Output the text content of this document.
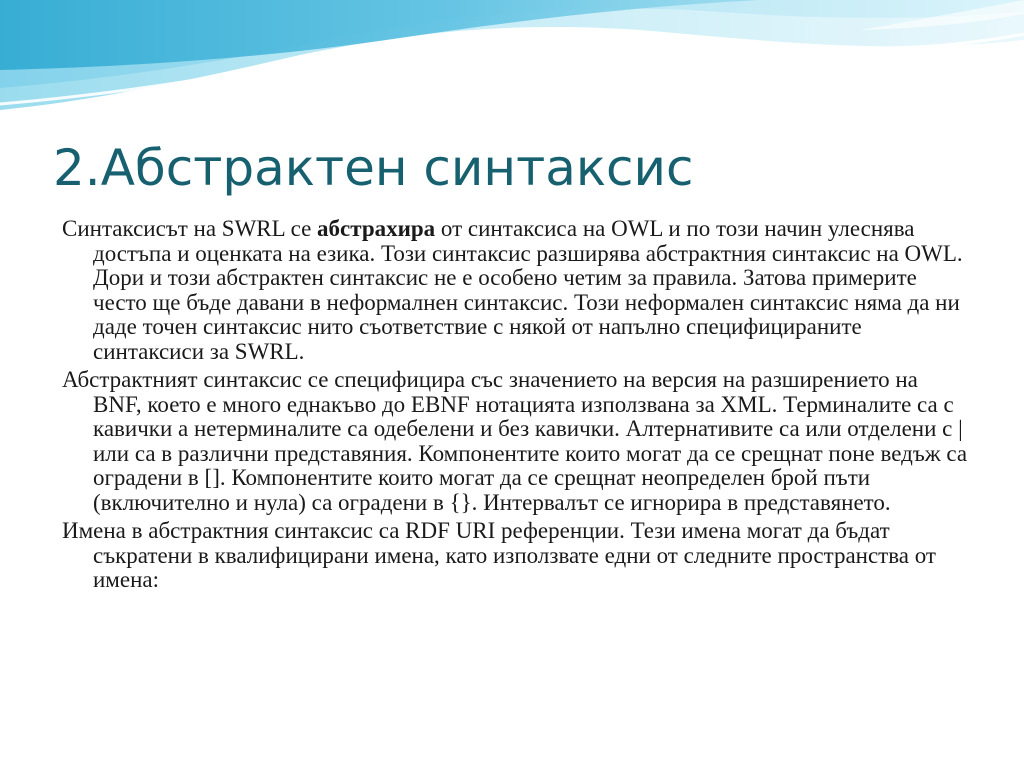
2.Абстрактен синтаксис

Синтаксисът на SWRL се абстрахира от синтаксиса на OWL и по този начин улеснява достъпа и оценката на езика. Този синтаксис разширява абстрактния синтаксис на OWL. Дори и този абстрактен синтаксис не е особено четим за правила. Затова примерите често ще бъде давани в неформалнен синтаксис. Този неформален синтаксис няма да ни даде точен синтаксис нито съответствие с някой от напълно специфицираните синтаксиси за SWRL.

Абстрактният синтаксис се специфицира със значението на версия на разширението на BNF, което е много еднакъво до EBNF нотацията използвана за XML. Терминалите са с кавички а нетерминалите са одебелени и без кавички. Алтернативите са или отделени с | или са в различни представяния. Компонентите които могат да се срещнат поне ведъж са оградени в []. Компонентите които могат да се срещнат неопределен брой пъти (включително и нула) са оградени в {}. Интервалът се игнорира в представянето.

Имена в абстрактния синтаксис са RDF URI референции. Тези имена могат да бъдат съкратени в квалифицирани имена, като използвате едни от следните пространства от имена:
